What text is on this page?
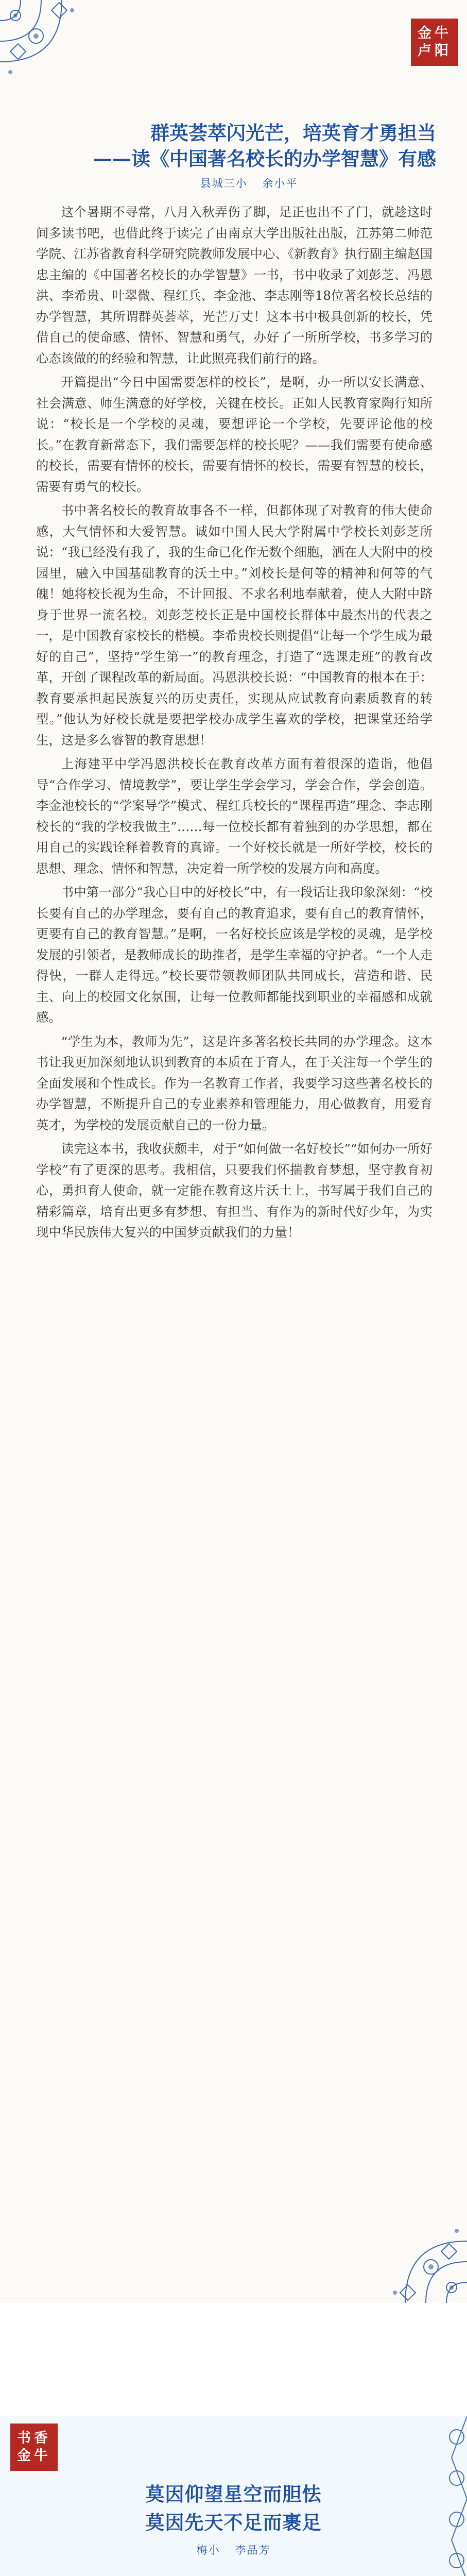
金牛
卢阳
群英荟萃闪光芒，培英育才勇担当
——读《中国著名校长的办学智慧》有感
县城三小 余小平

这个暑期不寻常，八月入秋弄伤了脚，足正也出不了门，就趁这时间多读书吧，也借此终于读完了由南京大学出版社出版，江苏第二师范学院、江苏省教育科学研究院教师发展中心、《新教育》执行副主编赵国忠主编的《中国著名校长的办学智慧》一书，书中收录了刘彭芝、冯恩洪、李希贵、叶翠微、程红兵、李金池、李志刚等18位著名校长总结的办学智慧，其所谓群英荟萃，光芒万丈！这本书中极具创新的校长，凭借自己的使命感、情怀、智慧和勇气，办好了一所所学校，书多学习的心态该做的的经验和智慧，让此照亮我们前行的路。

开篇提出“今日中国需要怎样的校长”，是啊，办一所以安长满意、社会满意、师生满意的好学校，关键在校长。正如人民教育家陶行知所说：“校长是一个学校的灵魂，要想评论一个学校，先要评论他的校长。”在教育新常态下，我们需要怎样的校长呢？——我们需要有使命感的校长，需要有情怀的校长，需要有情怀的校长，需要有智慧的校长，需要有勇气的校长。

书中著名校长的教育故事各不一样，但都体现了对教育的伟大使命感，大气情怀和大爱智慧。诚如中国人民大学附属中学校长刘彭芝所说：“我已经没有我了，我的生命已化作无数个细胞，洒在人大附中的校园里，融入中国基础教育的沃土中。”刘校长是何等的精神和何等的气魄！她将校长视为生命，不计回报、不求名利地奉献着，使人大附中跻身于世界一流名校。刘彭芝校长正是中国校长群体中最杰出的代表之一，是中国教育家校长的楷模。李希贵校长则提倡“让每一个学生成为最好的自己”，坚持“学生第一”的教育理念，打造了“选课走班”的教育改革，开创了课程改革的新局面。冯恩洪校长说：“中国教育的根本在于：教育要承担起民族复兴的历史责任，实现从应试教育向素质教育的转型。”他认为好校长就是要把学校办成学生喜欢的学校，把课堂还给学生，这是多么睿智的教育思想！

上海建平中学冯恩洪校长在教育改革方面有着很深的造诣，他倡导“合作学习、情境教学”，要让学生学会学习，学会合作，学会创造。李金池校长的“学案导学”模式、程红兵校长的“课程再造”理念、李志刚校长的“我的学校我做主”……每一位校长都有着独到的办学思想，都在用自己的实践诠释着教育的真谛。一个好校长就是一所好学校，校长的思想、理念、情怀和智慧，决定着一所学校的发展方向和高度。

书中第一部分“我心目中的好校长”中，有一段话让我印象深刻：“校长要有自己的办学理念，要有自己的教育追求，要有自己的教育情怀，更要有自己的教育智慧。”是啊，一名好校长应该是学校的灵魂，是学校发展的引领者，是教师成长的助推者，是学生幸福的守护者。“一个人走得快，一群人走得远。”校长要带领教师团队共同成长，营造和谐、民主、向上的校园文化氛围，让每一位教师都能找到职业的幸福感和成就感。

“学生为本，教师为先”，这是许多著名校长共同的办学理念。这本书让我更加深刻地认识到教育的本质在于育人，在于关注每一个学生的全面发展和个性成长。作为一名教育工作者，我要学习这些著名校长的办学智慧，不断提升自己的专业素养和管理能力，用心做教育，用爱育英才，为学校的发展贡献自己的一份力量。

读完这本书，我收获颇丰，对于“如何做一名好校长”“如何办一所好学校”有了更深的思考。我相信，只要我们怀揣教育梦想，坚守教育初心，勇担育人使命，就一定能在教育这片沃土上，书写属于我们自己的精彩篇章，培育出更多有梦想、有担当、有作为的新时代好少年，为实现中华民族伟大复兴的中国梦贡献我们的力量！

书香
金牛
莫因仰望星空而胆怯
莫因先天不足而裹足
梅小 李晶芳
